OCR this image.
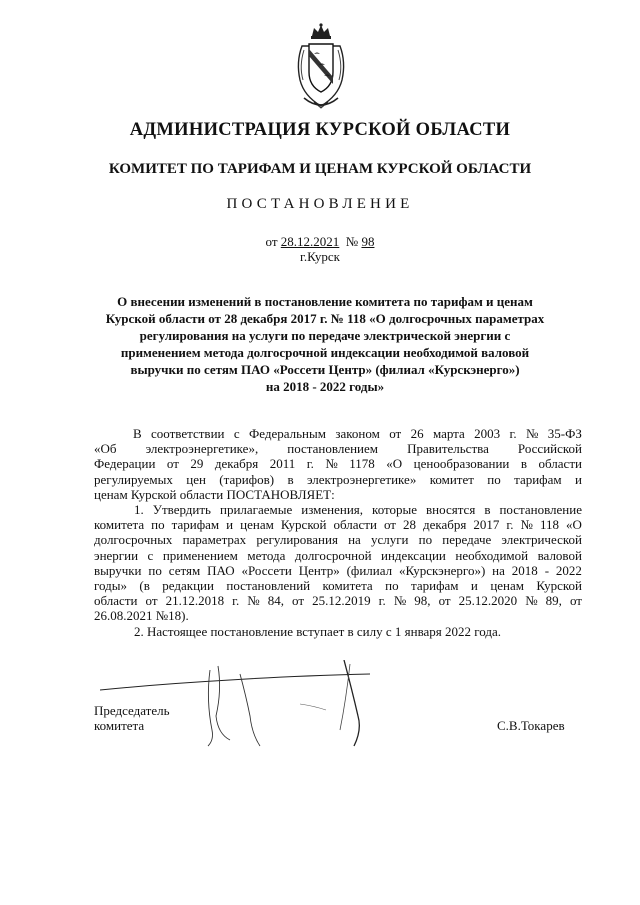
АДМИНИСТРАЦИЯ КУРСКОЙ ОБЛАСТИ
КОМИТЕТ ПО ТАРИФАМ И ЦЕНАМ КУРСКОЙ ОБЛАСТИ
ПОСТАНОВЛЕНИЕ
от 28.12.2021 № 98
г.Курск
О внесении изменений в постановление комитета по тарифам и ценам
Курской области от 28 декабря 2017 г. № 118 «О долгосрочных параметрах
регулирования на услуги по передаче электрической энергии с
применением метода долгосрочной индексации необходимой валовой
выручки по сетям ПАО «Россети Центр» (филиал «Курскэнерго»)
на 2018 - 2022 годы»
В соответствии с Федеральным законом от 26 марта 2003 г. № 35-ФЗ
«Об электроэнергетике», постановлением Правительства Российской
Федерации от 29 декабря 2011 г. № 1178 «О ценообразовании в области
регулируемых цен (тарифов) в электроэнергетике» комитет по тарифам и
ценам Курской области ПОСТАНОВЛЯЕТ:
1. Утвердить прилагаемые изменения, которые вносятся в постановление
комитета по тарифам и ценам Курской области от 28 декабря 2017 г. № 118 «О
долгосрочных параметрах регулирования на услуги по передаче электрической
энергии с применением метода долгосрочной индексации необходимой валовой
выручки по сетям ПАО «Россети Центр» (филиал «Курскэнерго») на 2018 - 2022
годы» (в редакции постановлений комитета по тарифам и ценам Курской
области от 21.12.2018 г. № 84, от 25.12.2019 г. № 98, от 25.12.2020 № 89, от
26.08.2021 №18).
2. Настоящее постановление вступает в силу с 1 января 2022 года.
Председатель
комитета	С.В.Токарев
